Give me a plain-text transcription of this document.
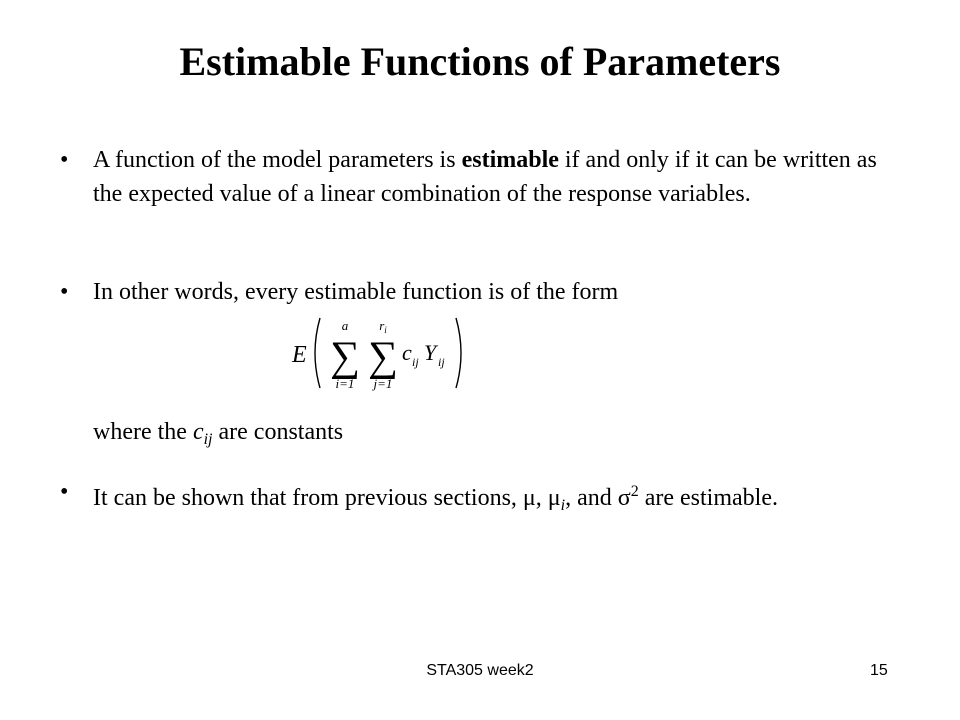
Estimable Functions of Parameters
• A function of the model parameters is estimable if and only if it can be written as the expected value of a linear combination of the response variables.
• In other words, every estimable function is of the form
E
a
∑
i=1
$r_i$
∑
j=1
c ij Y ij
where the $c_{ij}$ are constants
• It can be shown that from previous sections, μ, $\mu_i$, and $\sigma^2$ are estimable.
STA305 week2	15
